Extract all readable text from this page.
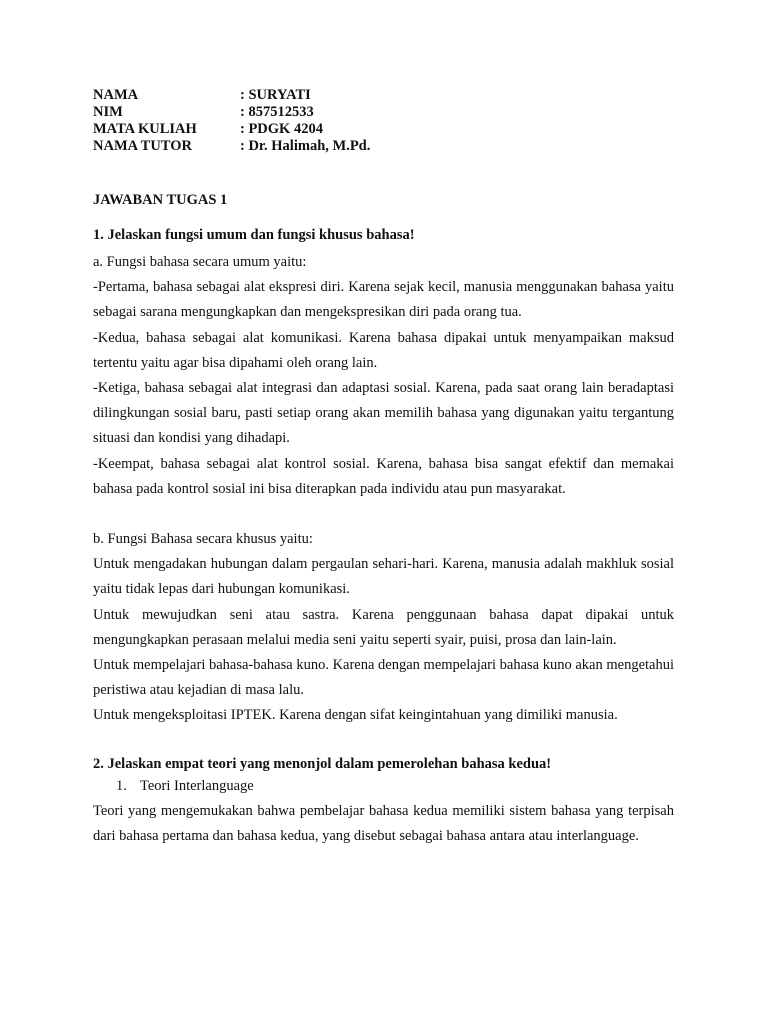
NAMA	: SURYATI
NIM	: 857512533
MATA KULIAH	: PDGK 4204
NAMA TUTOR	: Dr. Halimah, M.Pd.

JAWABAN TUGAS 1

1. Jelaskan fungsi umum dan fungsi khusus bahasa!

a. Fungsi bahasa secara umum yaitu:

-Pertama, bahasa sebagai alat ekspresi diri. Karena sejak kecil, manusia menggunakan bahasa yaitu sebagai sarana mengungkapkan dan mengekspresikan diri pada orang tua.

-Kedua, bahasa sebagai alat komunikasi. Karena bahasa dipakai untuk menyampaikan maksud tertentu yaitu agar bisa dipahami oleh orang lain.

-Ketiga, bahasa sebagai alat integrasi dan adaptasi sosial. Karena, pada saat orang lain beradaptasi dilingkungan sosial baru, pasti setiap orang akan memilih bahasa yang digunakan yaitu tergantung situasi dan kondisi yang dihadapi.

-Keempat, bahasa sebagai alat kontrol sosial. Karena, bahasa bisa sangat efektif dan memakai bahasa pada kontrol sosial ini bisa diterapkan pada individu atau pun masyarakat.

b. Fungsi Bahasa secara khusus yaitu:

Untuk mengadakan hubungan dalam pergaulan sehari-hari. Karena, manusia adalah makhluk sosial yaitu tidak lepas dari hubungan komunikasi.

Untuk mewujudkan seni atau sastra. Karena penggunaan bahasa dapat dipakai untuk mengungkapkan perasaan melalui media seni yaitu seperti syair, puisi, prosa dan lain-lain.

Untuk mempelajari bahasa-bahasa kuno. Karena dengan mempelajari bahasa kuno akan mengetahui peristiwa atau kejadian di masa lalu.

Untuk mengeksploitasi IPTEK. Karena dengan sifat keingintahuan yang dimiliki manusia.

2. Jelaskan empat teori yang menonjol dalam pemerolehan bahasa kedua!

1. Teori Interlanguage

Teori yang mengemukakan bahwa pembelajar bahasa kedua memiliki sistem bahasa yang terpisah dari bahasa pertama dan bahasa kedua, yang disebut sebagai bahasa antara atau interlanguage.
